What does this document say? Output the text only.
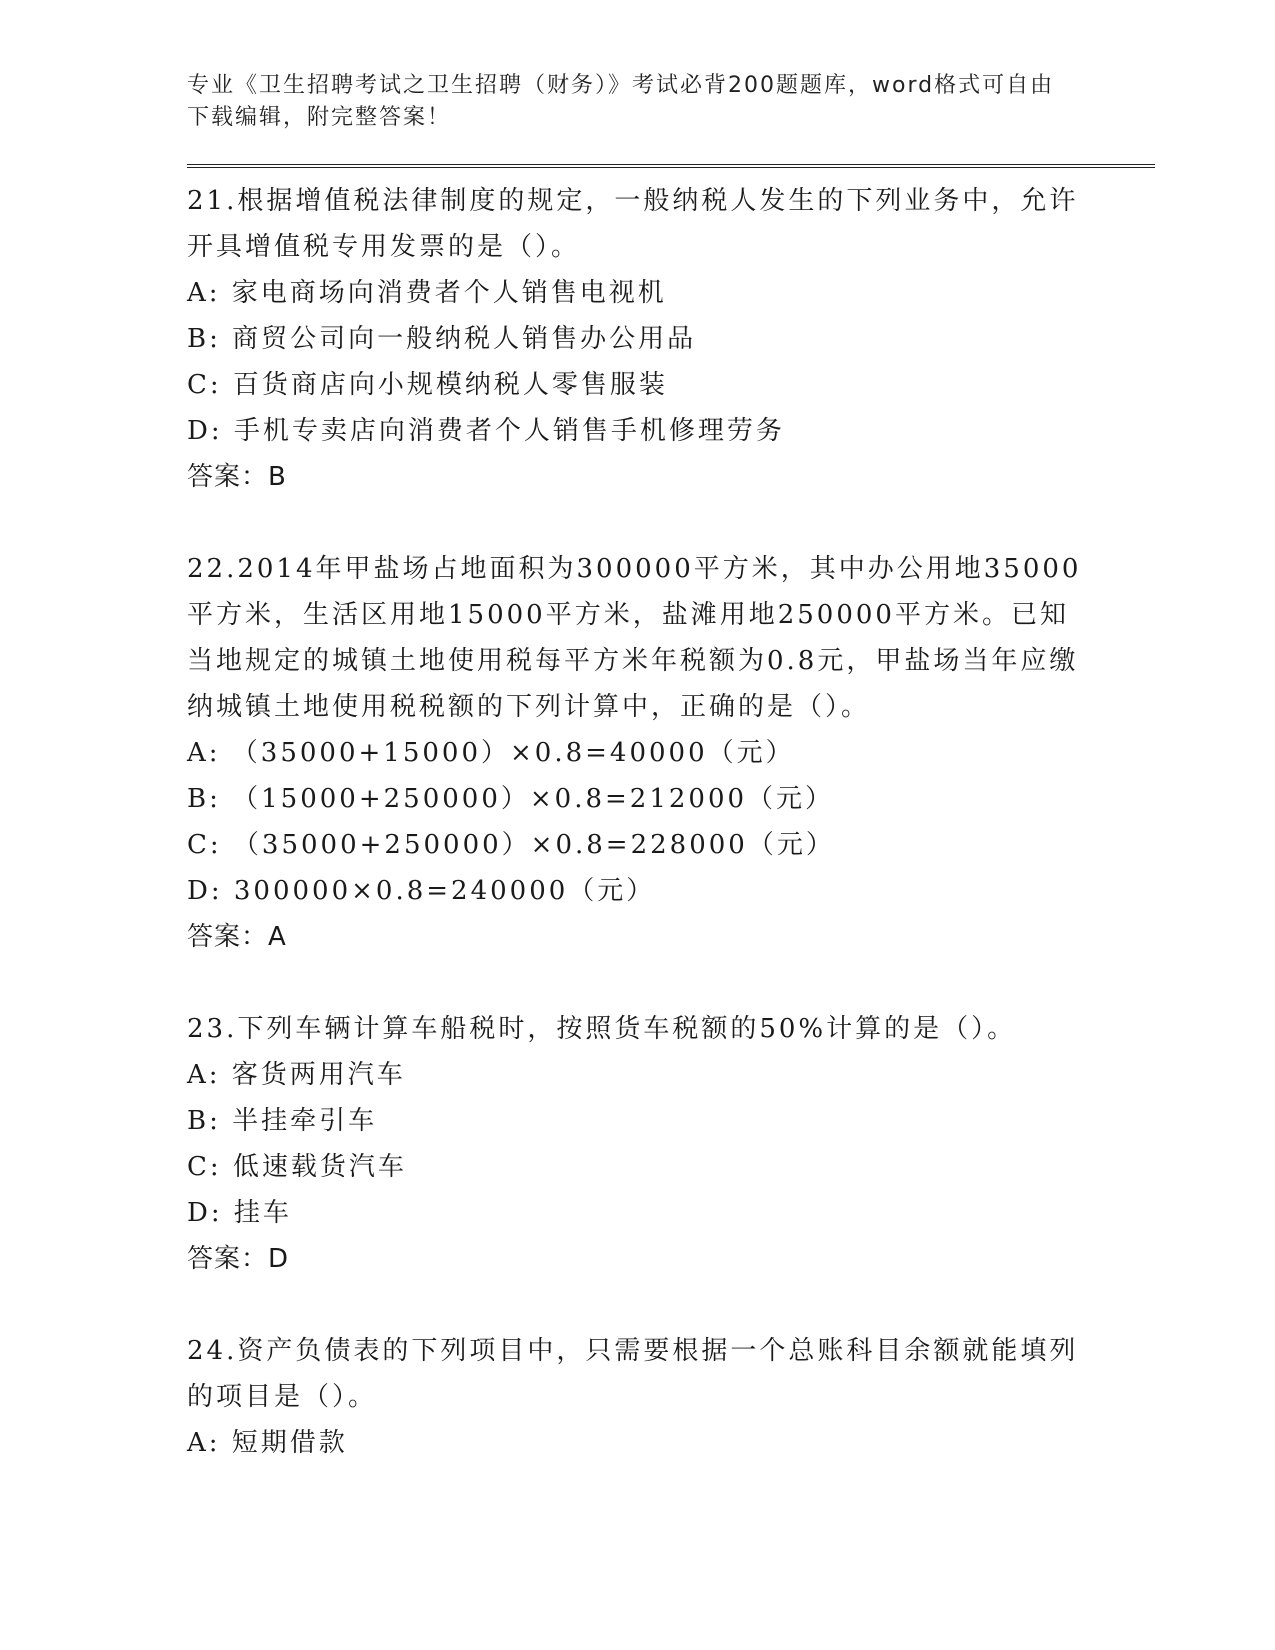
专业《卫生招聘考试之卫生招聘（财务）》考试必背200题题库，word格式可自由下载编辑，附完整答案！
21.根据增值税法律制度的规定，一般纳税人发生的下列业务中，允许开具增值税专用发票的是（）。
A: 家电商场向消费者个人销售电视机
B: 商贸公司向一般纳税人销售办公用品
C: 百货商店向小规模纳税人零售服装
D: 手机专卖店向消费者个人销售手机修理劳务
答案：B
22.2014年甲盐场占地面积为300000平方米，其中办公用地35000平方米，生活区用地15000平方米，盐滩用地250000平方米。已知当地规定的城镇土地使用税每平方米年税额为0.8元，甲盐场当年应缴纳城镇土地使用税税额的下列计算中，正确的是（）。
A: （35000+15000）×0.8=40000（元）
B: （15000+250000）×0.8=212000（元）
C: （35000+250000）×0.8=228000（元）
D: 300000×0.8=240000（元）
答案：A
23.下列车辆计算车船税时，按照货车税额的50%计算的是（）。
A: 客货两用汽车
B: 半挂牵引车
C: 低速载货汽车
D: 挂车
答案：D
24.资产负债表的下列项目中，只需要根据一个总账科目余额就能填列的项目是（）。
A: 短期借款
